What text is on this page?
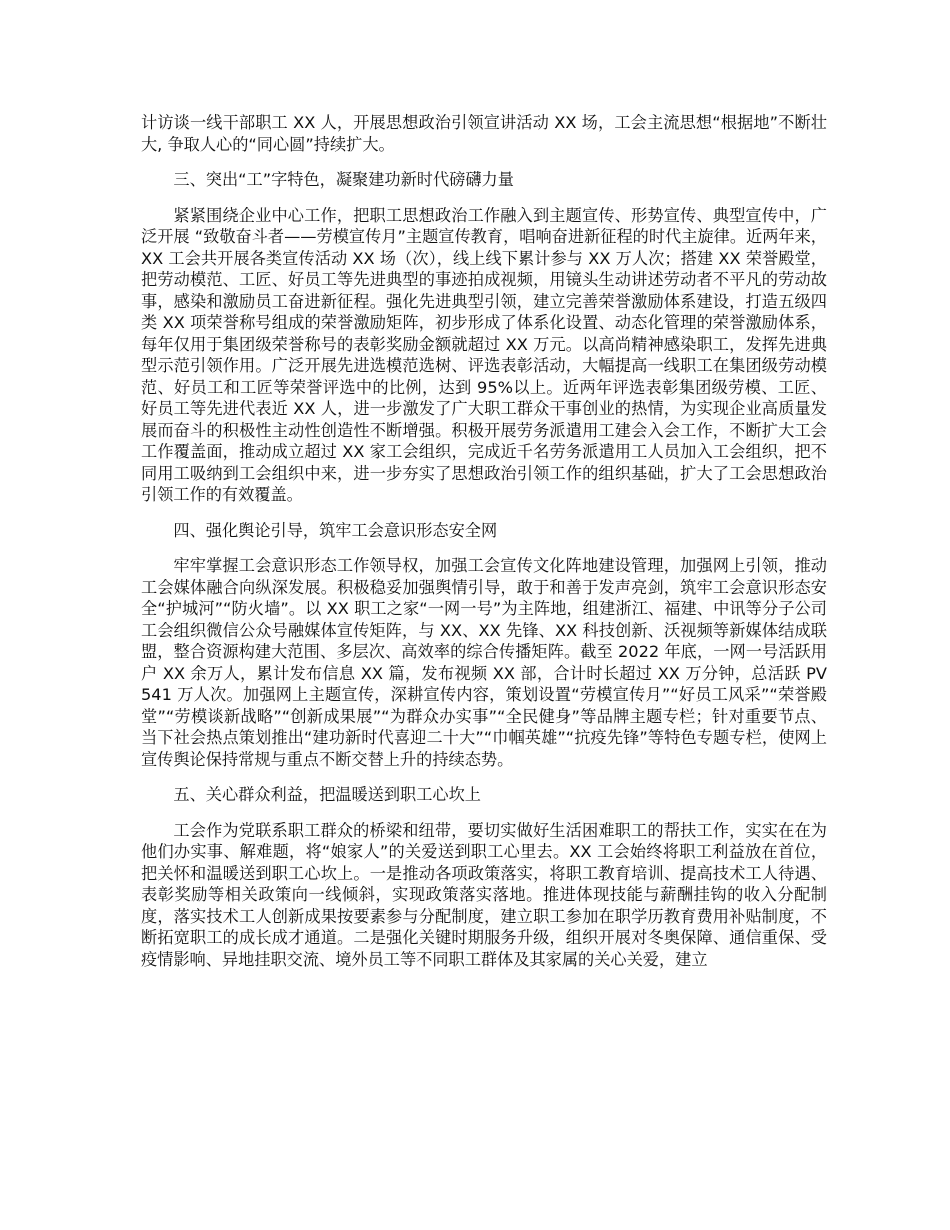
计访谈一线干部职工 XX 人，开展思想政治引领宣讲活动 XX 场，工会主流思想“根据地”不断壮大, 争取人心的“同心圆”持续扩大。

三、突出“工”字特色，凝聚建功新时代磅礴力量

紧紧围绕企业中心工作，把职工思想政治工作融入到主题宣传、形势宣传、典型宣传中，广泛开展 “致敬奋斗者——劳模宣传月”主题宣传教育，唱响奋进新征程的时代主旋律。近两年来，XX 工会共开展各类宣传活动 XX 场（次），线上线下累计参与 XX 万人次；搭建 XX 荣誉殿堂，把劳动模范、工匠、好员工等先进典型的事迹拍成视频，用镜头生动讲述劳动者不平凡的劳动故事，感染和激励员工奋进新征程。强化先进典型引领，建立完善荣誉激励体系建设，打造五级四类 XX 项荣誉称号组成的荣誉激励矩阵，初步形成了体系化设置、动态化管理的荣誉激励体系，每年仅用于集团级荣誉称号的表彰奖励金额就超过 XX 万元。以高尚精神感染职工，发挥先进典型示范引领作用。广泛开展先进选模范选树、评选表彰活动，大幅提高一线职工在集团级劳动模范、好员工和工匠等荣誉评选中的比例，达到 95%以上。近两年评选表彰集团级劳模、工匠、好员工等先进代表近 XX 人，进一步激发了广大职工群众干事创业的热情，为实现企业高质量发展而奋斗的积极性主动性创造性不断增强。积极开展劳务派遣用工建会入会工作，不断扩大工会工作覆盖面，推动成立超过 XX 家工会组织，完成近千名劳务派遣用工人员加入工会组织，把不同用工吸纳到工会组织中来，进一步夯实了思想政治引领工作的组织基础，扩大了工会思想政治引领工作的有效覆盖。

四、强化舆论引导，筑牢工会意识形态安全网

牢牢掌握工会意识形态工作领导权，加强工会宣传文化阵地建设管理，加强网上引领，推动工会媒体融合向纵深发展。积极稳妥加强舆情引导，敢于和善于发声亮剑，筑牢工会意识形态安全“护城河”“防火墙”。以 XX 职工之家“一网一号”为主阵地，组建浙江、福建、中讯等分子公司工会组织微信公众号融媒体宣传矩阵，与 XX、XX 先锋、XX 科技创新、沃视频等新媒体结成联盟，整合资源构建大范围、多层次、高效率的综合传播矩阵。截至 2022 年底，一网一号活跃用户 XX 余万人，累计发布信息 XX 篇，发布视频 XX 部，合计时长超过 XX 万分钟，总活跃 PV 541 万人次。加强网上主题宣传，深耕宣传内容，策划设置“劳模宣传月”“好员工风采”“荣誉殿堂”“劳模谈新战略”“创新成果展”“为群众办实事”“全民健身”等品牌主题专栏；针对重要节点、当下社会热点策划推出“建功新时代喜迎二十大”“巾帼英雄”“抗疫先锋”等特色专题专栏，使网上宣传舆论保持常规与重点不断交替上升的持续态势。

五、关心群众利益，把温暖送到职工心坎上

工会作为党联系职工群众的桥梁和纽带，要切实做好生活困难职工的帮扶工作，实实在在为他们办实事、解难题，将“娘家人”的关爱送到职工心里去。XX 工会始终将职工利益放在首位，把关怀和温暖送到职工心坎上。一是推动各项政策落实，将职工教育培训、提高技术工人待遇、表彰奖励等相关政策向一线倾斜，实现政策落实落地。推进体现技能与薪酬挂钩的收入分配制度，落实技术工人创新成果按要素参与分配制度，建立职工参加在职学历教育费用补贴制度，不断拓宽职工的成长成才通道。二是强化关键时期服务升级，组织开展对冬奥保障、通信重保、受疫情影响、异地挂职交流、境外员工等不同职工群体及其家属的关心关爱，建立
